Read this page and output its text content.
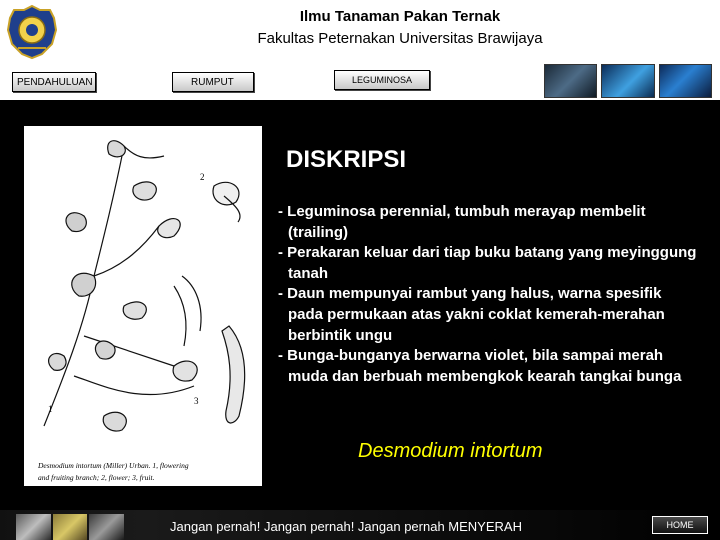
Ilmu Tanaman Pakan Ternak
Fakultas Peternakan Universitas Brawijaya
PENDAHULUAN	RUMPUT	LEGUMINOSA
2
1
3
Desmodium intortum (Miller) Urban. 1, flowering
and fruiting branch; 2, flower; 3, fruit.
DISKRIPSI
- Leguminosa perennial, tumbuh merayap membelit (trailing)
- Perakaran keluar dari tiap buku batang yang meyinggung tanah
- Daun mempunyai rambut yang halus, warna spesifik pada permukaan atas yakni coklat kemerah-merahan berbintik ungu
- Bunga-bunganya berwarna violet, bila sampai merah muda dan berbuah membengkok kearah tangkai bunga
Desmodium intortum
Jangan pernah! Jangan pernah! Jangan pernah MENYERAH	HOME
